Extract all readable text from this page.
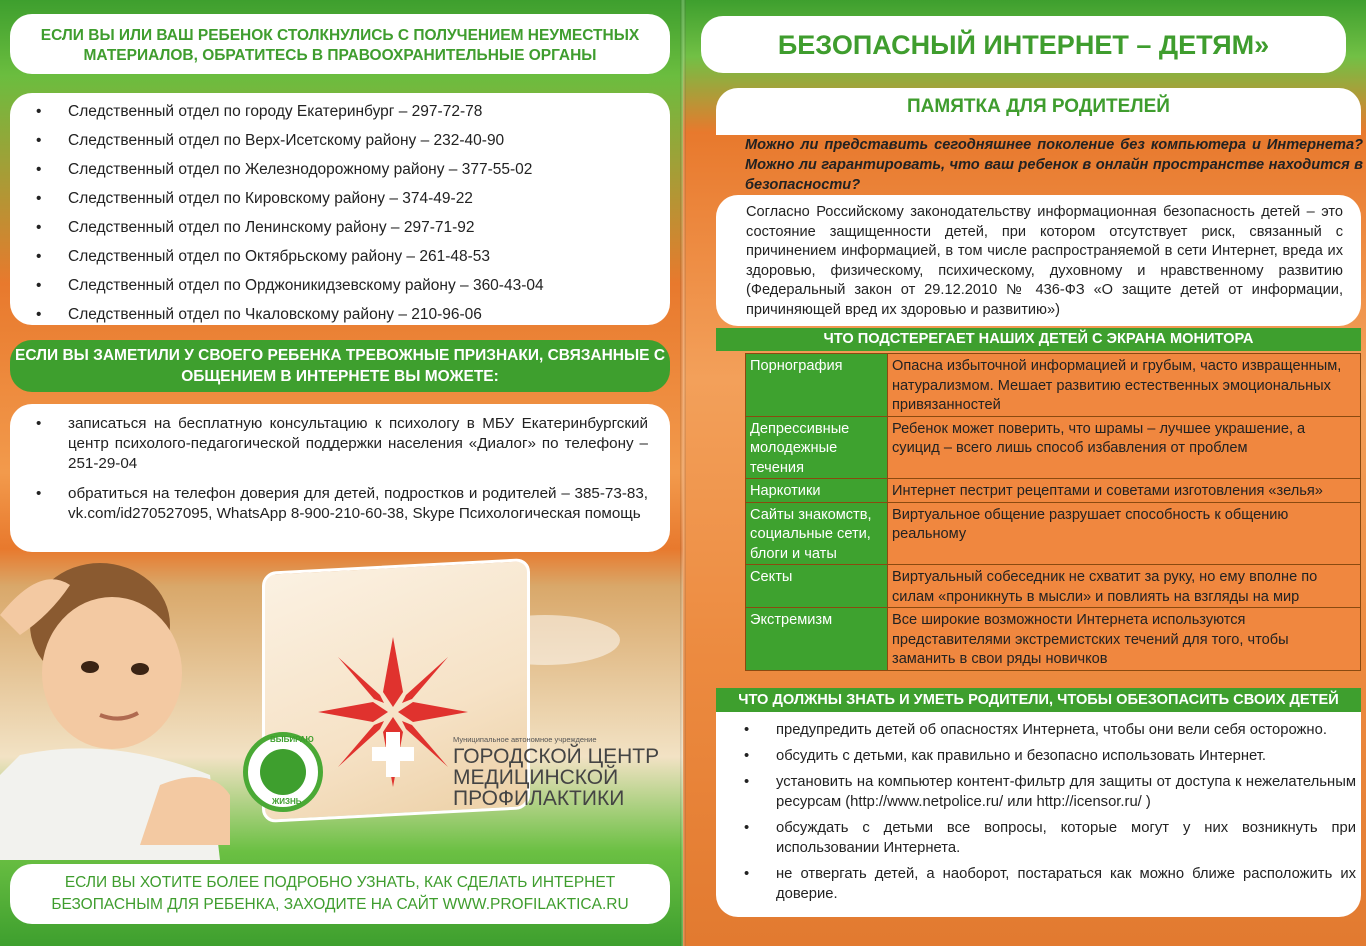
ЕСЛИ ВЫ ИЛИ ВАШ РЕБЕНОК СТОЛКНУЛИСЬ С ПОЛУЧЕНИЕМ НЕУМЕСТНЫХ МАТЕРИАЛОВ, ОБРАТИТЕСЬ В ПРАВООХРАНИТЕЛЬНЫЕ ОРГАНЫ
• Следственный отдел по городу Екатеринбург – 297-72-78
• Следственный отдел по Верх-Исетскому району – 232-40-90
• Следственный отдел по Железнодорожному району – 377-55-02
• Следственный отдел по Кировскому району – 374-49-22
• Следственный отдел по Ленинскому району – 297-71-92
• Следственный отдел по Октябрьскому району – 261-48-53
• Следственный отдел по Орджоникидзевскому району – 360-43-04
• Следственный отдел по Чкаловскому району – 210-96-06
ЕСЛИ ВЫ ЗАМЕТИЛИ У СВОЕГО РЕБЕНКА ТРЕВОЖНЫЕ ПРИЗНАКИ, СВЯЗАННЫЕ С ОБЩЕНИЕМ В ИНТЕРНЕТЕ ВЫ МОЖЕТЕ:
• записаться на бесплатную консультацию к психологу в МБУ Екатеринбургский центр психолого-педагогической поддержки населения «Диалог» по телефону – 251-29-04
• обратиться на телефон доверия для детей, подростков и родителей – 385-73-83, vk.com/id270527095, WhatsApp 8-900-210-60-38, Skype Психологическая помощь
ВЫБИРАЮ
ЖИЗНЬ
Муниципальное автономное учреждение
ГОРОДСКОЙ ЦЕНТР
МЕДИЦИНСКОЙ
ПРОФИЛАКТИКИ
ЕСЛИ ВЫ ХОТИТЕ БОЛЕЕ ПОДРОБНО УЗНАТЬ, КАК СДЕЛАТЬ ИНТЕРНЕТ БЕЗОПАСНЫМ ДЛЯ РЕБЕНКА, ЗАХОДИТЕ НА САЙТ WWW.PROFILAKTICA.RU
БЕЗОПАСНЫЙ ИНТЕРНЕТ – ДЕТЯМ»
ПАМЯТКА ДЛЯ РОДИТЕЛЕЙ
Можно ли представить сегодняшнее поколение без компьютера и Интернета? Можно ли гарантировать, что ваш ребенок в онлайн пространстве находится в безопасности?
Согласно Российскому законодательству информационная безопасность детей – это состояние защищенности детей, при котором отсутствует риск, связанный с причинением информацией, в том числе распространяемой в сети Интернет, вреда их здоровью, физическому, психическому, духовному и нравственному развитию (Федеральный закон от 29.12.2010 № 436-ФЗ «О защите детей от информации, причиняющей вред их здоровью и развитию»)
ЧТО ПОДСТЕРЕГАЕТ НАШИХ ДЕТЕЙ С ЭКРАНА МОНИТОРА
Порнография	Опасна избыточной информацией и грубым, часто извращенным, натурализмом. Мешает развитию естественных эмоциональных привязанностей
Депрессивные молодежные течения	Ребенок может поверить, что шрамы – лучшее украшение, а суицид – всего лишь способ избавления от проблем
Наркотики	Интернет пестрит рецептами и советами изготовления «зелья»
Сайты знакомств, социальные сети, блоги и чаты	Виртуальное общение разрушает способность к общению реальному
Секты	Виртуальный собеседник не схватит за руку, но ему вполне по силам «проникнуть в мысли» и повлиять на взгляды на мир
Экстремизм	Все широкие возможности Интернета используются представителями экстремистских течений для того, чтобы заманить в свои ряды новичков
ЧТО ДОЛЖНЫ ЗНАТЬ И УМЕТЬ РОДИТЕЛИ, ЧТОБЫ ОБЕЗОПАСИТЬ СВОИХ ДЕТЕЙ
• предупредить детей об опасностях Интернета, чтобы они вели себя осторожно.
• обсудить с детьми, как правильно и безопасно использовать Интернет.
• установить на компьютер контент-фильтр для защиты от доступа к нежелательным ресурсам (http://www.netpolice.ru/ или http://icensor.ru/ )
• обсуждать с детьми все вопросы, которые могут у них возникнуть при использовании Интернета.
• не отвергать детей, а наоборот, постараться как можно ближе расположить их доверие.
